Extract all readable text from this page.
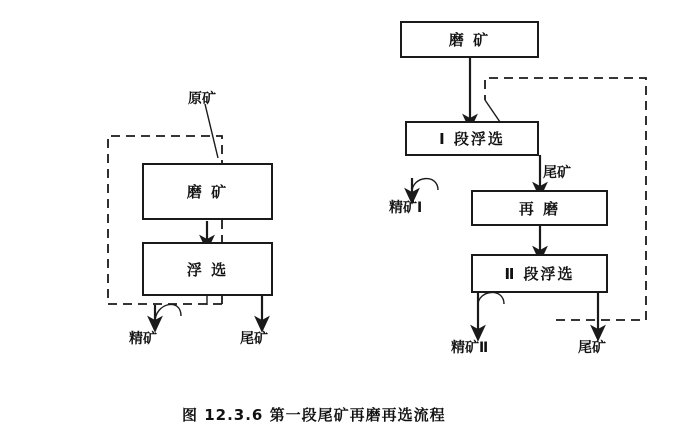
磨 矿
浮 选
原矿
精矿	尾矿
磨 矿
Ⅰ 段浮选
再 磨
Ⅱ 段浮选
尾矿
精矿Ⅰ
精矿Ⅱ	尾矿
图 12.3.6 第一段尾矿再磨再选流程
